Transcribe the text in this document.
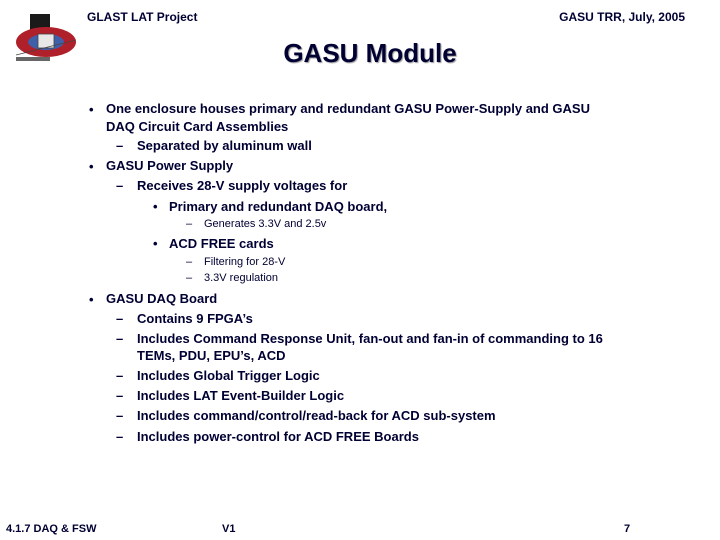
GLAST LAT Project	GASU TRR, July, 2005
GASU Module
• One enclosure houses primary and redundant GASU Power-Supply and GASU
DAQ Circuit Card Assemblies
– Separated by aluminum wall
• GASU Power Supply
– Receives 28-V supply voltages for
• Primary and redundant DAQ board,
– Generates 3.3V and 2.5v
• ACD FREE cards
– Filtering for 28-V
– 3.3V regulation
• GASU DAQ Board
– Contains 9 FPGA’s
– Includes Command Response Unit, fan-out and fan-in of commanding to 16
TEMs, PDU, EPU’s, ACD
– Includes Global Trigger Logic
– Includes LAT Event-Builder Logic
– Includes command/control/read-back for ACD sub-system
– Includes power-control for ACD FREE Boards
4.1.7 DAQ & FSW	V1	7
